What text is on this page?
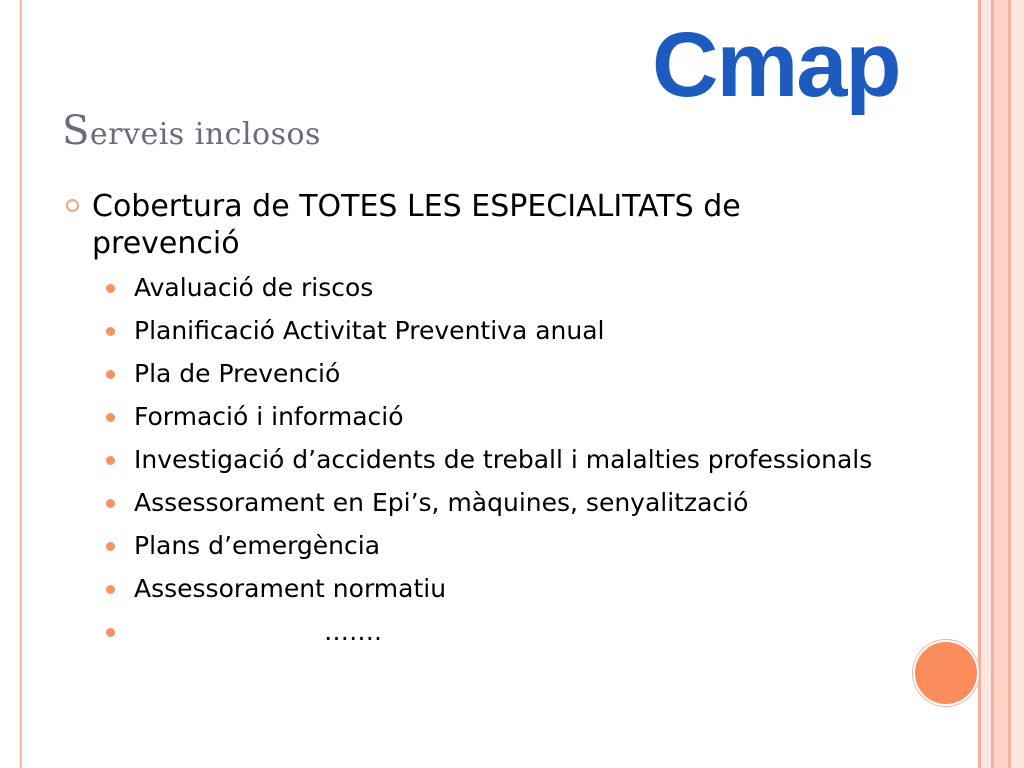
Cmap
Serveis inclosos
Cobertura de TOTES LES ESPECIALITATS de prevenció
Avaluació de riscos
Planificació Activitat Preventiva anual
Pla de Prevenció
Formació i informació
Investigació d’accidents de treball i malalties professionals
Assessorament en Epi’s, màquines, senyalització
Plans d’emergència
Assessorament normatiu
…….
